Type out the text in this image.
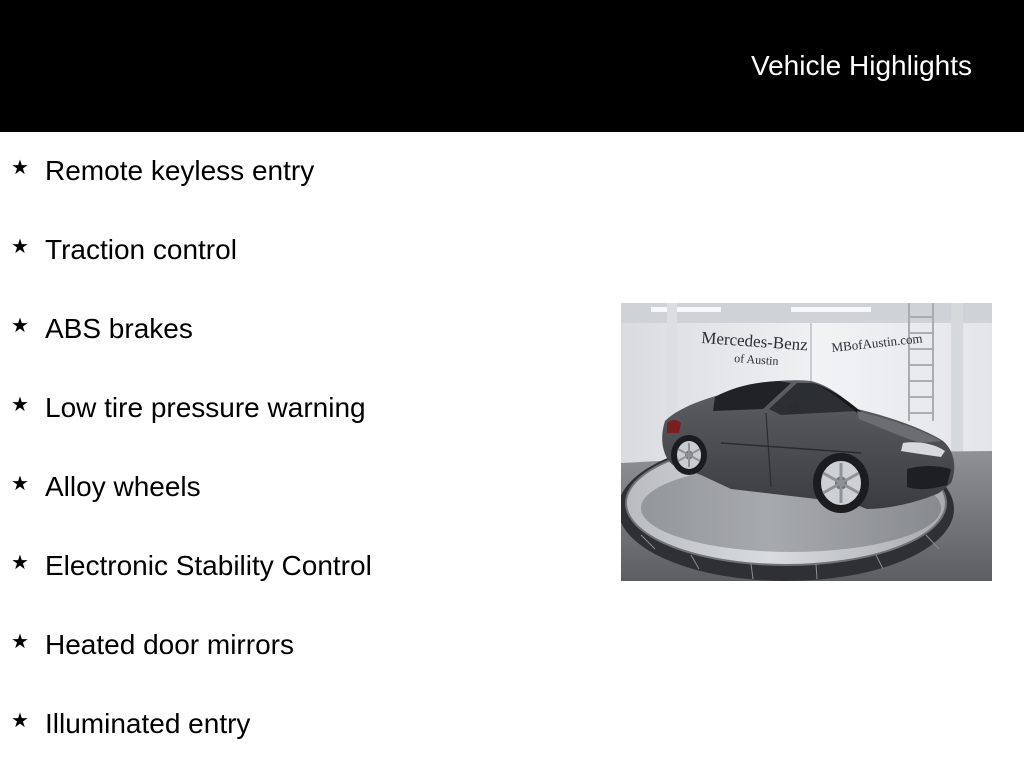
Vehicle Highlights
★ Remote keyless entry
★ Traction control
★ ABS brakes
★ Low tire pressure warning
★ Alloy wheels
★ Electronic Stability Control
★ Heated door mirrors
★ Illuminated entry
Mercedes-Benz
of Austin
MBofAustin.com
